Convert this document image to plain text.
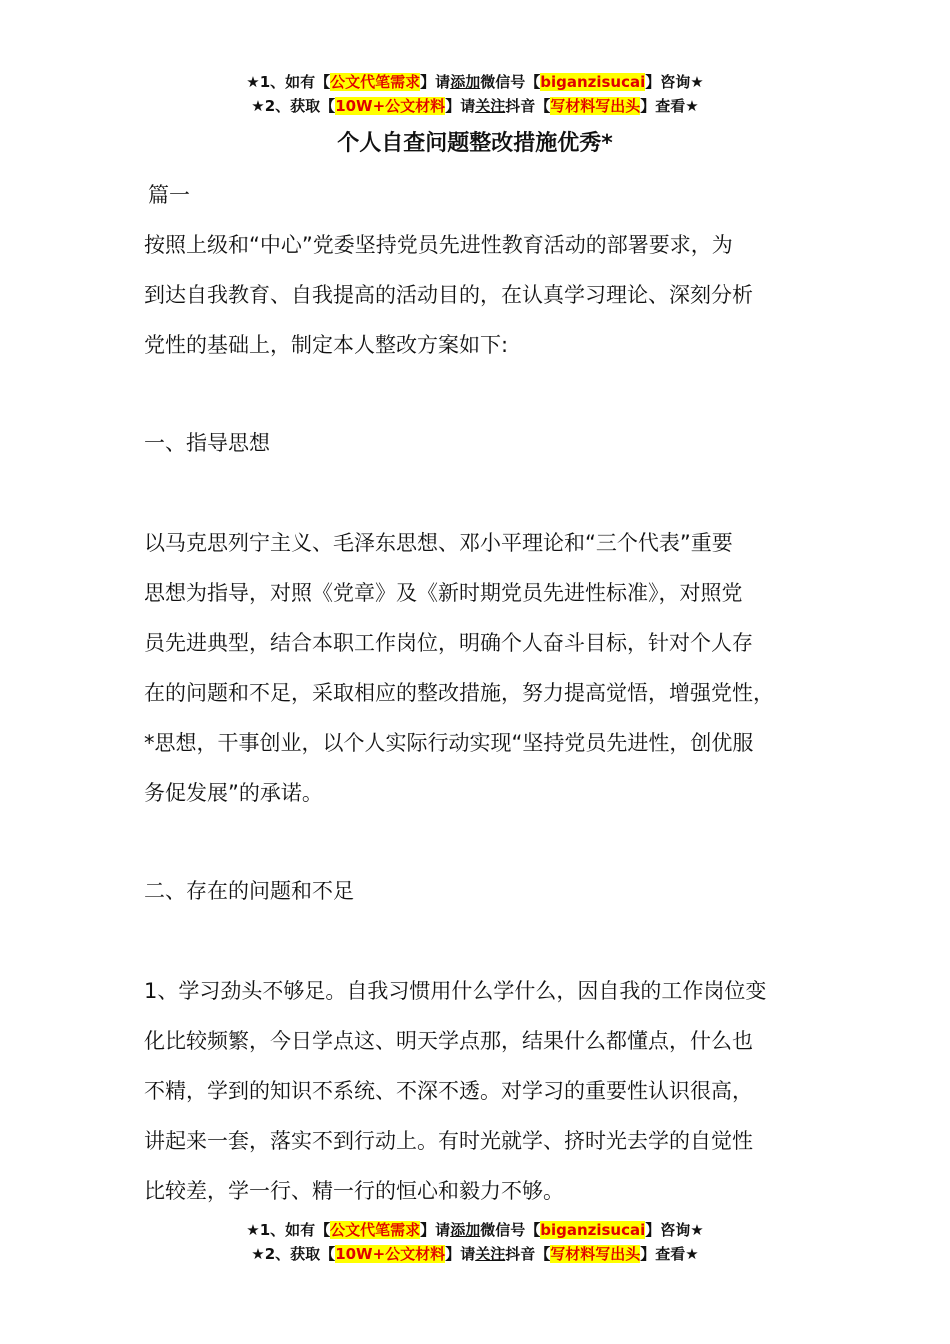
★1、如有【公文代笔需求】请添加微信号【biganzisucai】咨询★
★2、获取【10W+公文材料】请关注抖音【写材料写出头】查看★
个人自查问题整改措施优秀*
篇一
按照上级和“中心”党委坚持党员先进性教育活动的部署要求，为
到达自我教育、自我提高的活动目的，在认真学习理论、深刻分析
党性的基础上，制定本人整改方案如下:
一、指导思想
以马克思列宁主义、毛泽东思想、邓小平理论和“三个代表”重要
思想为指导，对照《党章》及《新时期党员先进性标准》，对照党
员先进典型，结合本职工作岗位，明确个人奋斗目标，针对个人存
在的问题和不足，采取相应的整改措施，努力提高觉悟，增强党性，
*思想，干事创业，以个人实际行动实现“坚持党员先进性，创优服
务促发展”的承诺。
二、存在的问题和不足
1、学习劲头不够足。自我习惯用什么学什么，因自我的工作岗位变
化比较频繁，今日学点这、明天学点那，结果什么都懂点，什么也
不精，学到的知识不系统、不深不透。对学习的重要性认识很高，
讲起来一套，落实不到行动上。有时光就学、挤时光去学的自觉性
比较差，学一行、精一行的恒心和毅力不够。
★1、如有【公文代笔需求】请添加微信号【biganzisucai】咨询★
★2、获取【10W+公文材料】请关注抖音【写材料写出头】查看★
